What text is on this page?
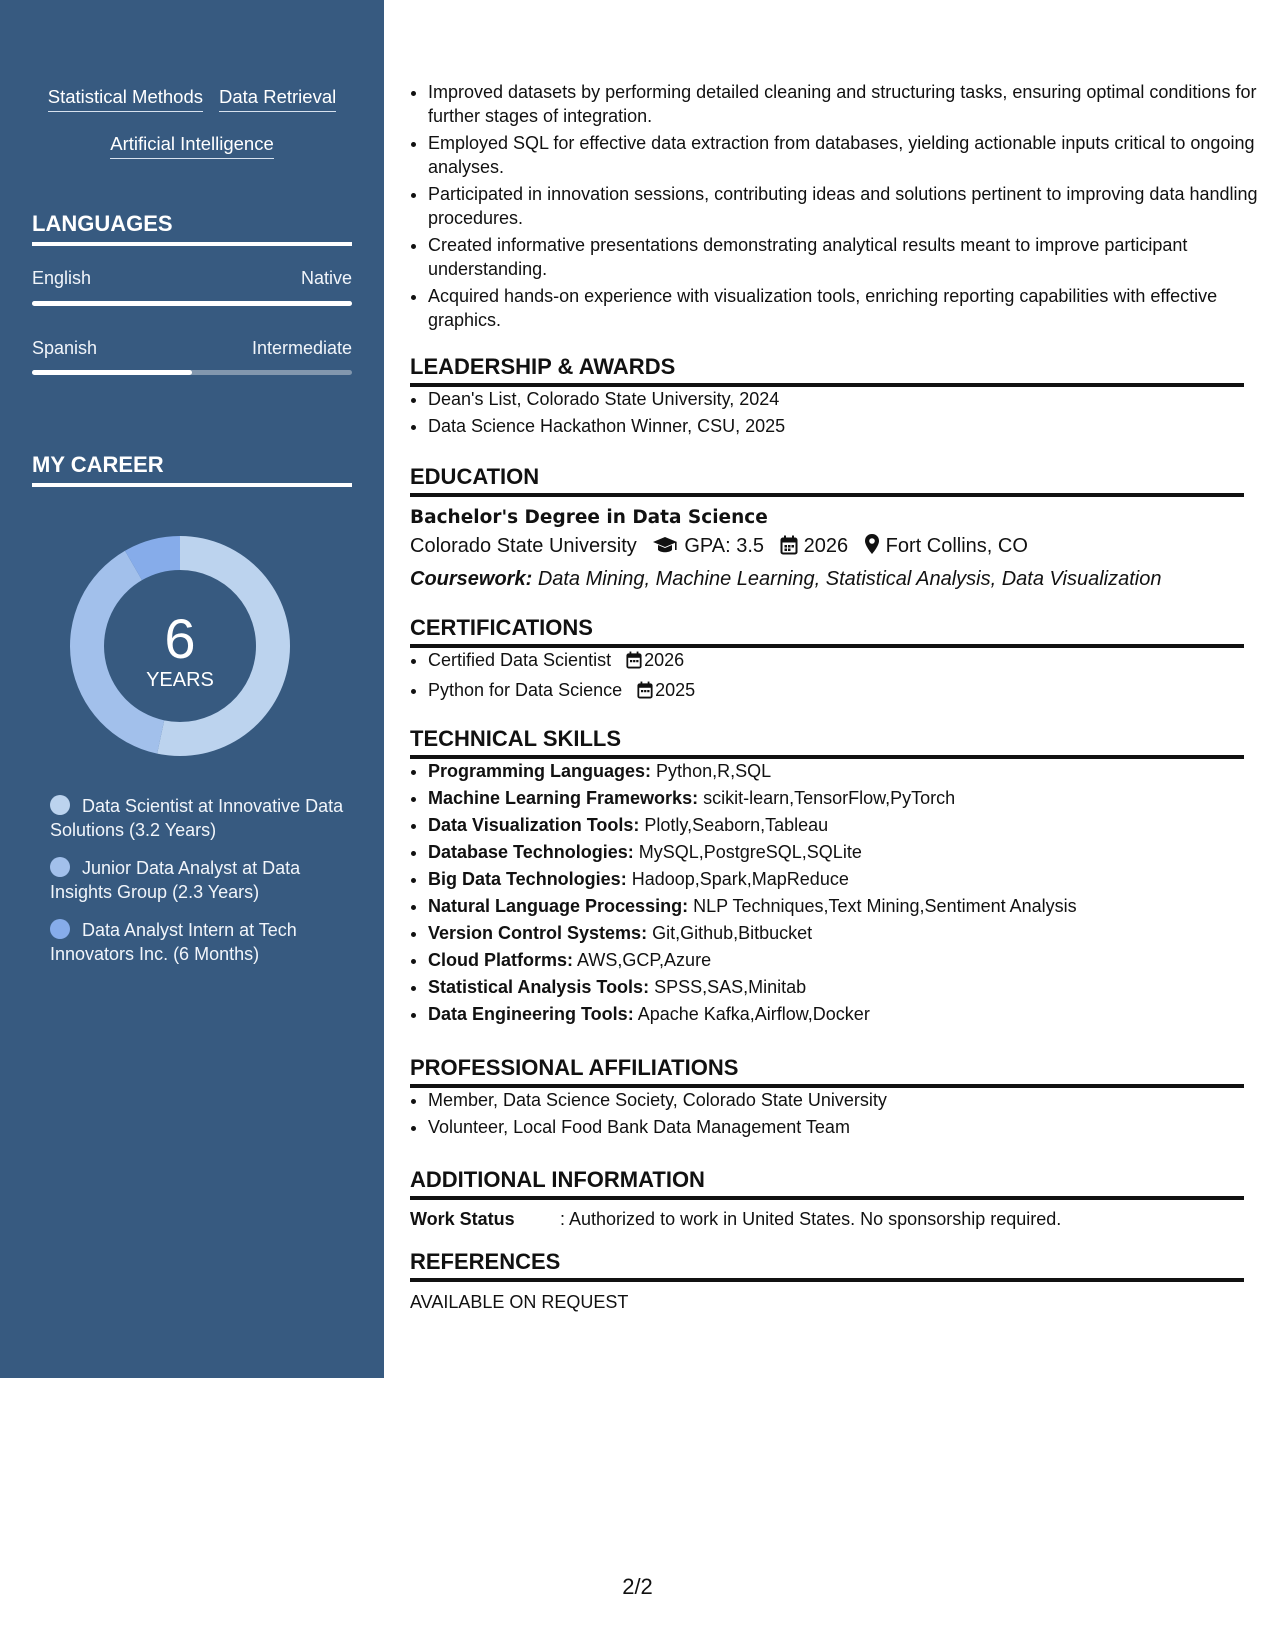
Statistical Methods Data Retrieval
Artificial Intelligence
LANGUAGES
English	Native
Spanish	Intermediate
MY CAREER
6
YEARS
Data Scientist at Innovative Data Solutions (3.2 Years)
Junior Data Analyst at Data Insights Group (2.3 Years)
Data Analyst Intern at Tech Innovators Inc. (6 Months)
• Improved datasets by performing detailed cleaning and structuring tasks, ensuring optimal conditions for further stages of integration.
• Employed SQL for effective data extraction from databases, yielding actionable inputs critical to ongoing analyses.
• Participated in innovation sessions, contributing ideas and solutions pertinent to improving data handling procedures.
• Created informative presentations demonstrating analytical results meant to improve participant understanding.
• Acquired hands-on experience with visualization tools, enriching reporting capabilities with effective graphics.
LEADERSHIP & AWARDS
• Dean's List, Colorado State University, 2024
• Data Science Hackathon Winner, CSU, 2025
EDUCATION
Bachelor's Degree in Data Science
Colorado State University GPA: 3.5 2026 Fort Collins, CO
Coursework: Data Mining, Machine Learning, Statistical Analysis, Data Visualization
CERTIFICATIONS
• Certified Data Scientist 2026
• Python for Data Science 2025
TECHNICAL SKILLS
• Programming Languages: Python,R,SQL
• Machine Learning Frameworks: scikit-learn,TensorFlow,PyTorch
• Data Visualization Tools: Plotly,Seaborn,Tableau
• Database Technologies: MySQL,PostgreSQL,SQLite
• Big Data Technologies: Hadoop,Spark,MapReduce
• Natural Language Processing: NLP Techniques,Text Mining,Sentiment Analysis
• Version Control Systems: Git,Github,Bitbucket
• Cloud Platforms: AWS,GCP,Azure
• Statistical Analysis Tools: SPSS,SAS,Minitab
• Data Engineering Tools: Apache Kafka,Airflow,Docker
PROFESSIONAL AFFILIATIONS
• Member, Data Science Society, Colorado State University
• Volunteer, Local Food Bank Data Management Team
ADDITIONAL INFORMATION
Work Status	: Authorized to work in United States. No sponsorship required.
REFERENCES
AVAILABLE ON REQUEST
2/2
